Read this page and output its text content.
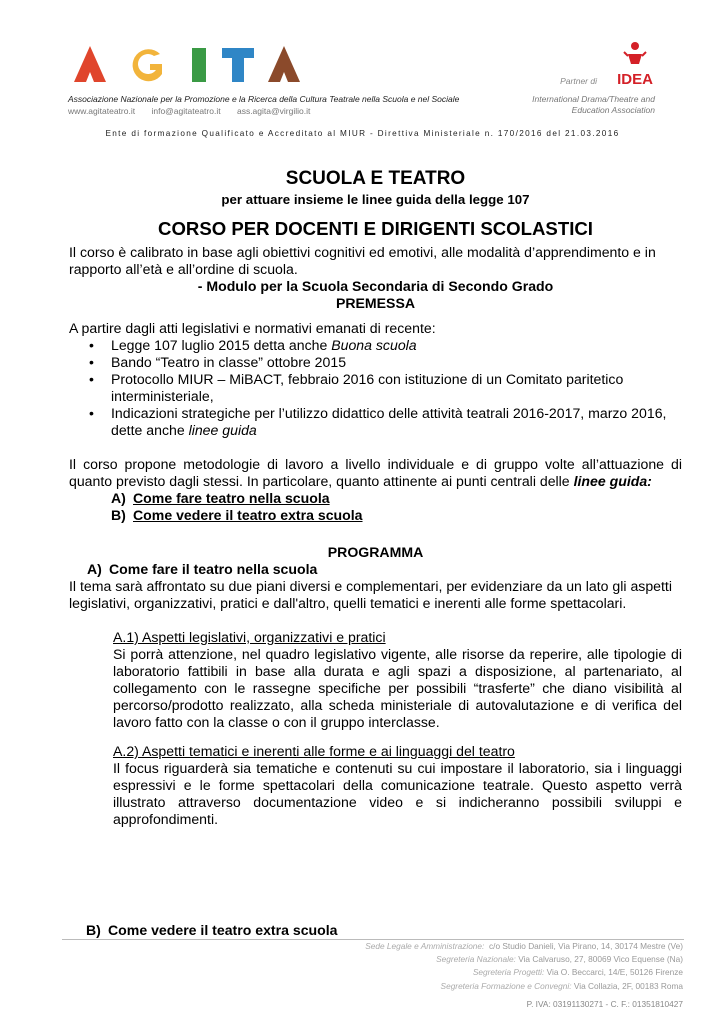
Associazione Nazionale per la Promozione e la Ricerca della Cultura Teatrale nella Scuola e nel Sociale
www.agitateatro.it info@agitateatro.it ass.agita@virgilio.it
Partner di IDEA
International Drama/Theatre and
Education Association
Ente di formazione Qualificato e Accreditato al MIUR - Direttiva Ministeriale n. 170/2016 del 21.03.2016
SCUOLA E TEATRO
per attuare insieme le linee guida della legge 107
CORSO PER DOCENTI E DIRIGENTI SCOLASTICI

Il corso è calibrato in base agli obiettivi cognitivi ed emotivi, alle modalità d’apprendimento e in rapporto all’età e all’ordine di scuola.

- Modulo per la Scuola Secondaria di Secondo Grado

PREMESSA

A partire dagli atti legislativi e normativi emanati di recente:

• Legge 107 luglio 2015 detta anche Buona scuola
• Bando “Teatro in classe” ottobre 2015
• Protocollo MIUR – MiBACT, febbraio 2016 con istituzione di un Comitato paritetico interministeriale,
• Indicazioni strategiche per l’utilizzo didattico delle attività teatrali 2016-2017, marzo 2016, dette anche linee guida

Il corso propone metodologie di lavoro a livello individuale e di gruppo volte all’attuazione di quanto previsto dagli stessi. In particolare, quanto attinente ai punti centrali delle linee guida:

A) Come fare teatro nella scuola
B) Come vedere il teatro extra scuola

PROGRAMMA

A) Come fare il teatro nella scuola

Il tema sarà affrontato su due piani diversi e complementari, per evidenziare da un lato gli aspetti legislativi, organizzativi, pratici e dall'altro, quelli tematici e inerenti alle forme spettacolari.

A.1) Aspetti legislativi, organizzativi e pratici

Si porrà attenzione, nel quadro legislativo vigente, alle risorse da reperire, alle tipologie di laboratorio fattibili in base alla durata e agli spazi a disposizione, al partenariato, al collegamento con le rassegne specifiche per possibili “trasferte” che diano visibilità al percorso/prodotto realizzato, alla scheda ministeriale di autovalutazione e di verifica del lavoro fatto con la classe o con il gruppo interclasse.

A.2) Aspetti tematici e inerenti alle forme e ai linguaggi del teatro

Il focus riguarderà sia tematiche e contenuti su cui impostare il laboratorio, sia i linguaggi espressivi e le forme spettacolari della comunicazione teatrale. Questo aspetto verrà illustrato attraverso documentazione video e si indicheranno possibili sviluppi e approfondimenti.

B) Come vedere il teatro extra scuola
Sede Legale e Amministrazione: c/o Studio Danieli, Via Pirano, 14, 30174 Mestre (Ve)
Segreteria Nazionale: Via Calvaruso, 27, 80069 Vico Equense (Na)
Segreteria Progetti: Via O. Beccarci, 14/E, 50126 Firenze
Segreteria Formazione e Convegni: Via Collazia, 2F, 00183 Roma
P. IVA: 03191130271 - C. F.: 01351810427
